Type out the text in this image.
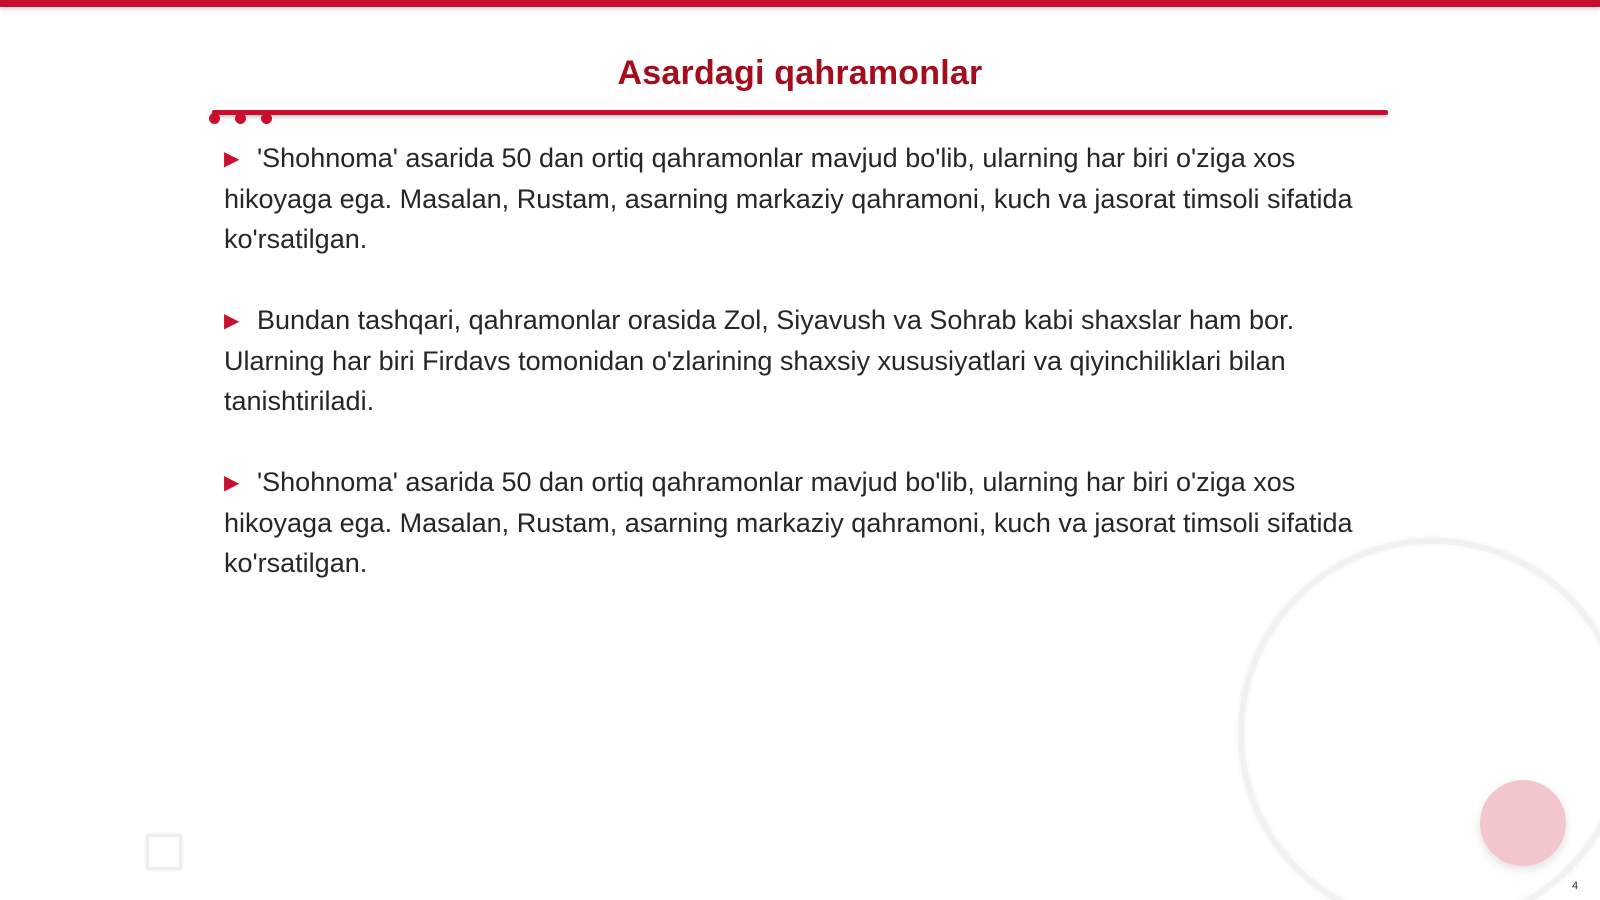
Asardagi qahramonlar

▶ 'Shohnoma' asarida 50 dan ortiq qahramonlar mavjud bo'lib, ularning har biri o'ziga xos hikoyaga ega. Masalan, Rustam, asarning markaziy qahramoni, kuch va jasorat timsoli sifatida ko'rsatilgan.

▶ Bundan tashqari, qahramonlar orasida Zol, Siyavush va Sohrab kabi shaxslar ham bor. Ularning har biri Firdavs tomonidan o'zlarining shaxsiy xususiyatlari va qiyinchiliklari bilan tanishtiriladi.

▶ 'Shohnoma' asarida 50 dan ortiq qahramonlar mavjud bo'lib, ularning har biri o'ziga xos hikoyaga ega. Masalan, Rustam, asarning markaziy qahramoni, kuch va jasorat timsoli sifatida ko'rsatilgan.

4
